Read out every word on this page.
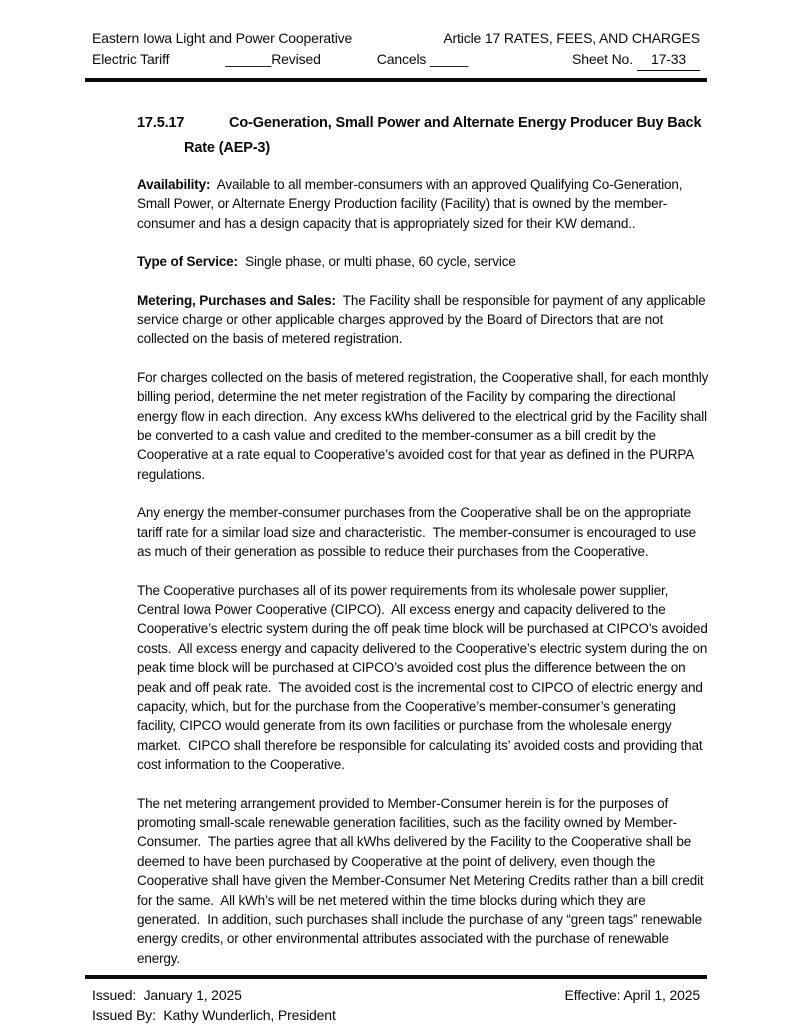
Eastern Iowa Light and Power Cooperative	Article 17 RATES, FEES, AND CHARGES
Electric Tariff	______Revised	Cancels _____	Sheet No. 17-33
17.5.17	Co-Generation, Small Power and Alternate Energy Producer Buy Back
Rate (AEP-3)

Availability:  Available to all member-consumers with an approved Qualifying Co-Generation, Small Power, or Alternate Energy Production facility (Facility) that is owned by the member-consumer and has a design capacity that is appropriately sized for their KW demand..

Type of Service:  Single phase, or multi phase, 60 cycle, service

Metering, Purchases and Sales:  The Facility shall be responsible for payment of any applicable service charge or other applicable charges approved by the Board of Directors that are not collected on the basis of metered registration.

For charges collected on the basis of metered registration, the Cooperative shall, for each monthly billing period, determine the net meter registration of the Facility by comparing the directional energy flow in each direction.  Any excess kWhs delivered to the electrical grid by the Facility shall be converted to a cash value and credited to the member-consumer as a bill credit by the Cooperative at a rate equal to Cooperative’s avoided cost for that year as defined in the PURPA regulations.

Any energy the member-consumer purchases from the Cooperative shall be on the appropriate tariff rate for a similar load size and characteristic.  The member-consumer is encouraged to use as much of their generation as possible to reduce their purchases from the Cooperative.

The Cooperative purchases all of its power requirements from its wholesale power supplier, Central Iowa Power Cooperative (CIPCO).  All excess energy and capacity delivered to the Cooperative’s electric system during the off peak time block will be purchased at CIPCO’s avoided costs.  All excess energy and capacity delivered to the Cooperative’s electric system during the on peak time block will be purchased at CIPCO’s avoided cost plus the difference between the on peak and off peak rate.  The avoided cost is the incremental cost to CIPCO of electric energy and capacity, which, but for the purchase from the Cooperative’s member-consumer’s generating facility, CIPCO would generate from its own facilities or purchase from the wholesale energy market.  CIPCO shall therefore be responsible for calculating its’ avoided costs and providing that cost information to the Cooperative.

The net metering arrangement provided to Member-Consumer herein is for the purposes of promoting small-scale renewable generation facilities, such as the facility owned by Member-Consumer.  The parties agree that all kWhs delivered by the Facility to the Cooperative shall be deemed to have been purchased by Cooperative at the point of delivery, even though the Cooperative shall have given the Member-Consumer Net Metering Credits rather than a bill credit for the same.  All kWh’s will be net metered within the time blocks during which they are generated.  In addition, such purchases shall include the purchase of any “green tags” renewable energy credits, or other environmental attributes associated with the purchase of renewable energy.

Issued:  January 1, 2025	Effective: April 1, 2025
Issued By:  Kathy Wunderlich, President
